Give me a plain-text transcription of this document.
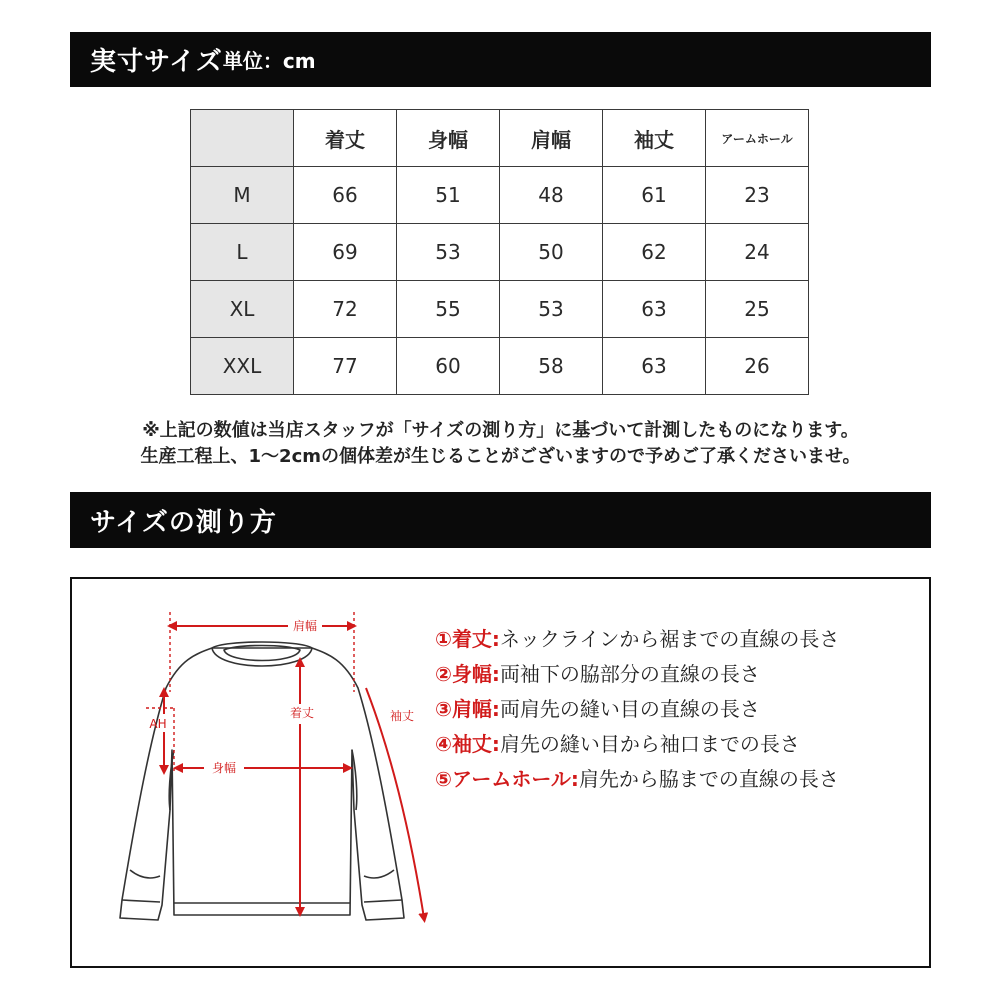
実寸サイズ 単位：cm
	着丈	身幅	肩幅	袖丈	アームホール
M	66	51	48	61	23
L	69	53	50	62	24
XL	72	55	53	63	25
XXL	77	60	58	63	26
※上記の数値は当店スタッフが「サイズの測り方」に基づいて計測したものになります。
生産工程上、1〜2cmの個体差が生じることがございますので予めご了承くださいませ。
サイズの測り方
肩幅
着丈
身幅
AH
袖丈
①着丈:ネックラインから裾までの直線の長さ
②身幅:両袖下の脇部分の直線の長さ
③肩幅:両肩先の縫い目の直線の長さ
④袖丈:肩先の縫い目から袖口までの長さ
⑤アームホール:肩先から脇までの直線の長さ
